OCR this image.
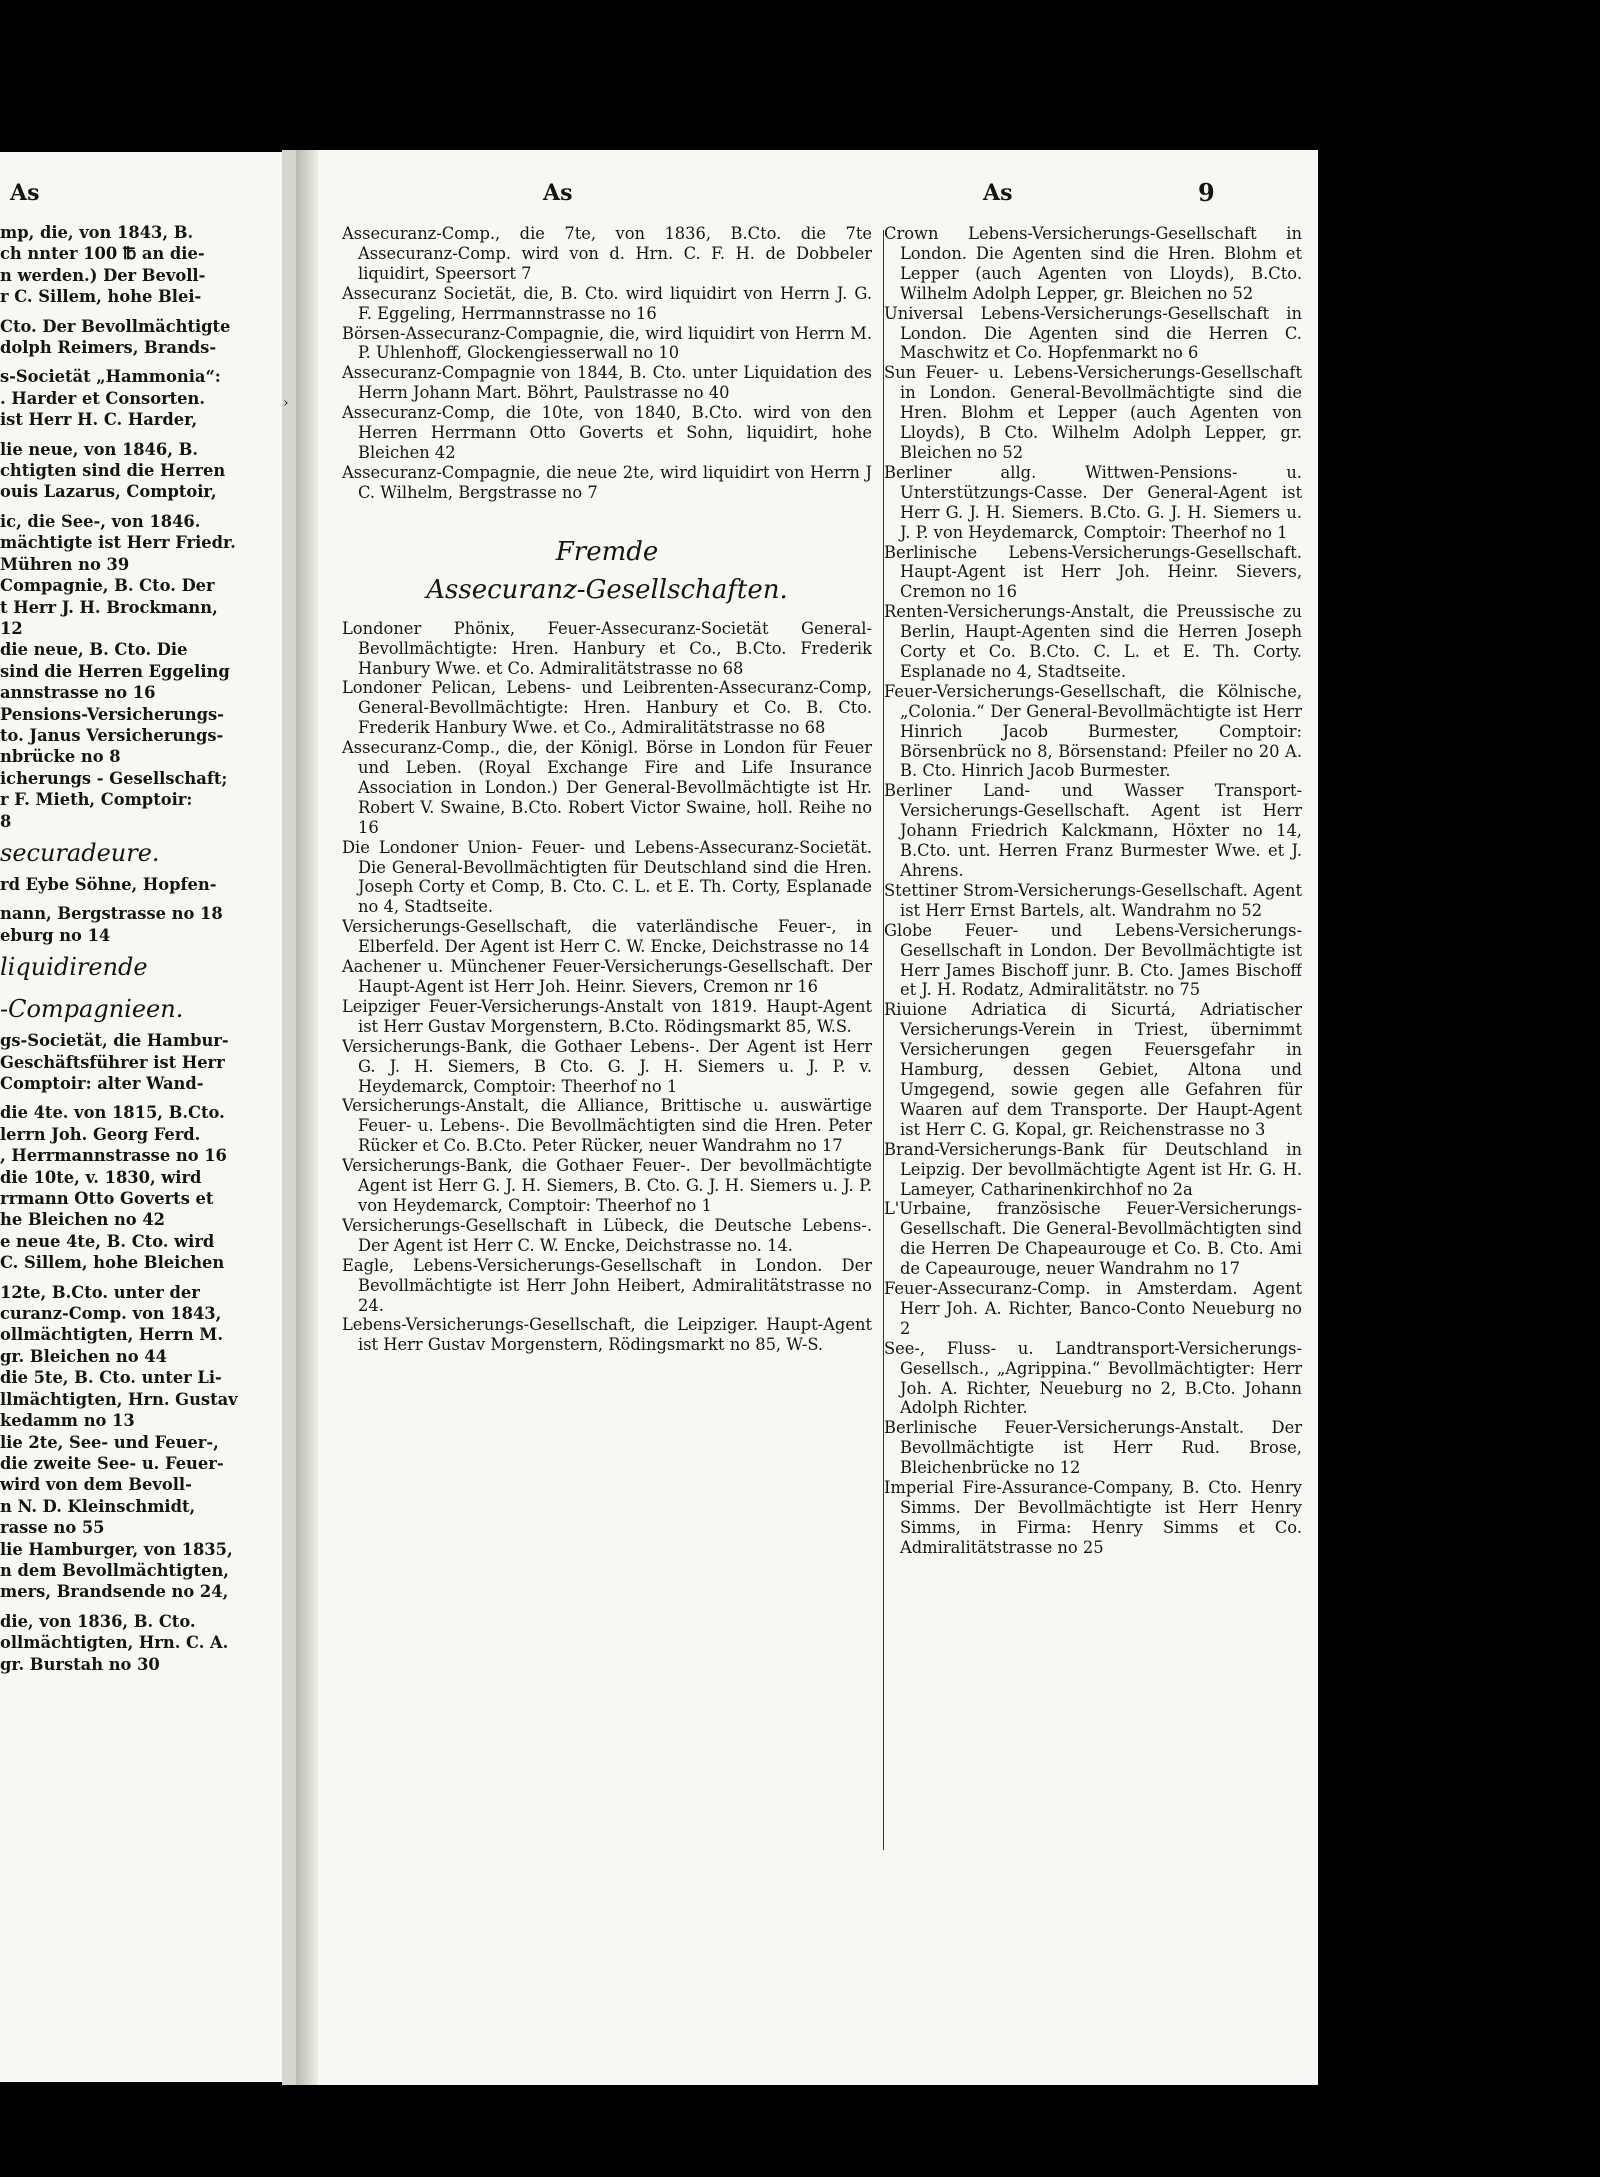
As
mp, die, von 1843, B.
ch nnter 100 ℔ an die-
n werden.) Der Bevoll-
r C. Sillem, hohe Blei-

Cto. Der Bevollmächtigte
dolph Reimers, Brands-

s-Societät „Hammonia“:
. Harder et Consorten.
ist Herr H. C. Harder,

lie neue, von 1846, B.
chtigten sind die Herren
ouis Lazarus, Comptoir,

ic, die See-, von 1846.
mächtigte ist Herr Friedr.
Mühren no 39
Compagnie, B. Cto. Der
t Herr J. H. Brockmann,
12
die neue, B. Cto. Die
sind die Herren Eggeling
annstrasse no 16
Pensions-Versicherungs-
to. Janus Versicherungs-
nbrücke no 8
icherungs - Gesellschaft;
r F. Mieth, Comptoir:
8
securadeure.
rd Eybe Söhne, Hopfen-

nann, Bergstrasse no 18
eburg no 14
liquidirende
-Compagnieen.
gs-Societät, die Hambur-
Geschäftsführer ist Herr
Comptoir: alter Wand-

die 4te. von 1815, B.Cto.
lerrn Joh. Georg Ferd.
, Herrmannstrasse no 16
die 10te, v. 1830, wird
rrmann Otto Goverts et
he Bleichen no 42
e neue 4te, B. Cto. wird
C. Sillem, hohe Bleichen

12te, B.Cto. unter der
curanz-Comp. von 1843,
ollmächtigten, Herrn M.
gr. Bleichen no 44
die 5te, B. Cto. unter Li-
llmächtigten, Hrn. Gustav
kedamm no 13
lie 2te, See- und Feuer-,
die zweite See- u. Feuer-
wird von dem Bevoll-
n N. D. Kleinschmidt,
rasse no 55
lie Hamburger, von 1835,
n dem Bevollmächtigten,
mers, Brandsende no 24,

die, von 1836, B. Cto.
ollmächtigten, Hrn. C. A.
gr. Burstah no 30
›
As	As	9
Assecuranz-Comp., die 7te, von 1836, B.Cto. die 7te Assecuranz-Comp. wird von d. Hrn. C. F. H. de Dobbeler liquidirt, Speersort 7
Assecuranz Societät, die, B. Cto. wird liquidirt von Herrn J. G. F. Eggeling, Herrmannstrasse no 16
Börsen-Assecuranz-Compagnie, die, wird liquidirt von Herrn M. P. Uhlenhoff, Glockengiesserwall no 10
Assecuranz-Compagnie von 1844, B. Cto. unter Liquidation des Herrn Johann Mart. Böhrt, Paulstrasse no 40
Assecuranz-Comp, die 10te, von 1840, B.Cto. wird von den Herren Herrmann Otto Goverts et Sohn, liquidirt, hohe Bleichen 42
Assecuranz-Compagnie, die neue 2te, wird liquidirt von Herrn J C. Wilhelm, Bergstrasse no 7
Fremde
Assecuranz-Gesellschaften.
Londoner Phönix, Feuer-Assecuranz-Societät General-Bevollmächtigte: Hren. Hanbury et Co., B.Cto. Frederik Hanbury Wwe. et Co. Admiralitätstrasse no 68
Londoner Pelican, Lebens- und Leibrenten-Assecuranz-Comp, General-Bevollmächtigte: Hren. Hanbury et Co. B. Cto. Frederik Hanbury Wwe. et Co., Admiralitätstrasse no 68
Assecuranz-Comp., die, der Königl. Börse in London für Feuer und Leben. (Royal Exchange Fire and Life Insurance Association in London.) Der General-Bevollmächtigte ist Hr. Robert V. Swaine, B.Cto. Robert Victor Swaine, holl. Reihe no 16
Die Londoner Union- Feuer- und Lebens-Assecuranz-Societät. Die General-Bevollmächtigten für Deutschland sind die Hren. Joseph Corty et Comp, B. Cto. C. L. et E. Th. Corty, Esplanade no 4, Stadtseite.
Versicherungs-Gesellschaft, die vaterländische Feuer-, in Elberfeld. Der Agent ist Herr C. W. Encke, Deichstrasse no 14
Aachener u. Münchener Feuer-Versicherungs-Gesellschaft. Der Haupt-Agent ist Herr Joh. Heinr. Sievers, Cremon nr 16
Leipziger Feuer-Versicherungs-Anstalt von 1819. Haupt-Agent ist Herr Gustav Morgenstern, B.Cto. Rödingsmarkt 85, W.S.
Versicherungs-Bank, die Gothaer Lebens-. Der Agent ist Herr G. J. H. Siemers, B Cto. G. J. H. Siemers u. J. P. v. Heydemarck, Comptoir: Theerhof no 1
Versicherungs-Anstalt, die Alliance, Brittische u. auswärtige Feuer- u. Lebens-. Die Bevollmächtigten sind die Hren. Peter Rücker et Co. B.Cto. Peter Rücker, neuer Wandrahm no 17
Versicherungs-Bank, die Gothaer Feuer-. Der bevollmächtigte Agent ist Herr G. J. H. Siemers, B. Cto. G. J. H. Siemers u. J. P. von Heydemarck, Comptoir: Theerhof no 1
Versicherungs-Gesellschaft in Lübeck, die Deutsche Lebens-. Der Agent ist Herr C. W. Encke, Deichstrasse no. 14.
Eagle, Lebens-Versicherungs-Gesellschaft in London. Der Bevollmächtigte ist Herr John Heibert, Admiralitätstrasse no 24.
Lebens-Versicherungs-Gesellschaft, die Leipziger. Haupt-Agent ist Herr Gustav Morgenstern, Rödingsmarkt no 85, W-S.
Crown Lebens-Versicherungs-Gesellschaft in London. Die Agenten sind die Hren. Blohm et Lepper (auch Agenten von Lloyds), B.Cto. Wilhelm Adolph Lepper, gr. Bleichen no 52
Universal Lebens-Versicherungs-Gesellschaft in London. Die Agenten sind die Herren C. Maschwitz et Co. Hopfenmarkt no 6
Sun Feuer- u. Lebens-Versicherungs-Gesellschaft in London. General-Bevollmächtigte sind die Hren. Blohm et Lepper (auch Agenten von Lloyds), B Cto. Wilhelm Adolph Lepper, gr. Bleichen no 52
Berliner allg. Wittwen-Pensions- u. Unterstützungs-Casse. Der General-Agent ist Herr G. J. H. Siemers. B.Cto. G. J. H. Siemers u. J. P. von Heydemarck, Comptoir: Theerhof no 1
Berlinische Lebens-Versicherungs-Gesellschaft. Haupt-Agent ist Herr Joh. Heinr. Sievers, Cremon no 16
Renten-Versicherungs-Anstalt, die Preussische zu Berlin, Haupt-Agenten sind die Herren Joseph Corty et Co. B.Cto. C. L. et E. Th. Corty. Esplanade no 4, Stadtseite.
Feuer-Versicherungs-Gesellschaft, die Kölnische, „Colonia.“ Der General-Bevollmächtigte ist Herr Hinrich Jacob Burmester, Comptoir: Börsenbrück no 8, Börsenstand: Pfeiler no 20 A. B. Cto. Hinrich Jacob Burmester.
Berliner Land- und Wasser Transport-Versicherungs-Gesellschaft. Agent ist Herr Johann Friedrich Kalckmann, Höxter no 14, B.Cto. unt. Herren Franz Burmester Wwe. et J. Ahrens.
Stettiner Strom-Versicherungs-Gesellschaft. Agent ist Herr Ernst Bartels, alt. Wandrahm no 52
Globe Feuer- und Lebens-Versicherungs-Gesellschaft in London. Der Bevollmächtigte ist Herr James Bischoff junr. B. Cto. James Bischoff et J. H. Rodatz, Admiralitätstr. no 75
Riuione Adriatica di Sicurtá, Adriatischer Versicherungs-Verein in Triest, übernimmt Versicherungen gegen Feuersgefahr in Hamburg, dessen Gebiet, Altona und Umgegend, sowie gegen alle Gefahren für Waaren auf dem Transporte. Der Haupt-Agent ist Herr C. G. Kopal, gr. Reichenstrasse no 3
Brand-Versicherungs-Bank für Deutschland in Leipzig. Der bevollmächtigte Agent ist Hr. G. H. Lameyer, Catharinenkirchhof no 2a
L'Urbaine, französische Feuer-Versicherungs-Gesellschaft. Die General-Bevollmächtigten sind die Herren De Chapeaurouge et Co. B. Cto. Ami de Capeaurouge, neuer Wandrahm no 17
Feuer-Assecuranz-Comp. in Amsterdam. Agent Herr Joh. A. Richter, Banco-Conto Neueburg no 2
See-, Fluss- u. Landtransport-Versicherungs-Gesellsch., „Agrippina.“ Bevollmächtigter: Herr Joh. A. Richter, Neueburg no 2, B.Cto. Johann Adolph Richter.
Berlinische Feuer-Versicherungs-Anstalt. Der Bevollmächtigte ist Herr Rud. Brose, Bleichenbrücke no 12
Imperial Fire-Assurance-Company, B. Cto. Henry Simms. Der Bevollmächtigte ist Herr Henry Simms, in Firma: Henry Simms et Co. Admiralitätstrasse no 25
